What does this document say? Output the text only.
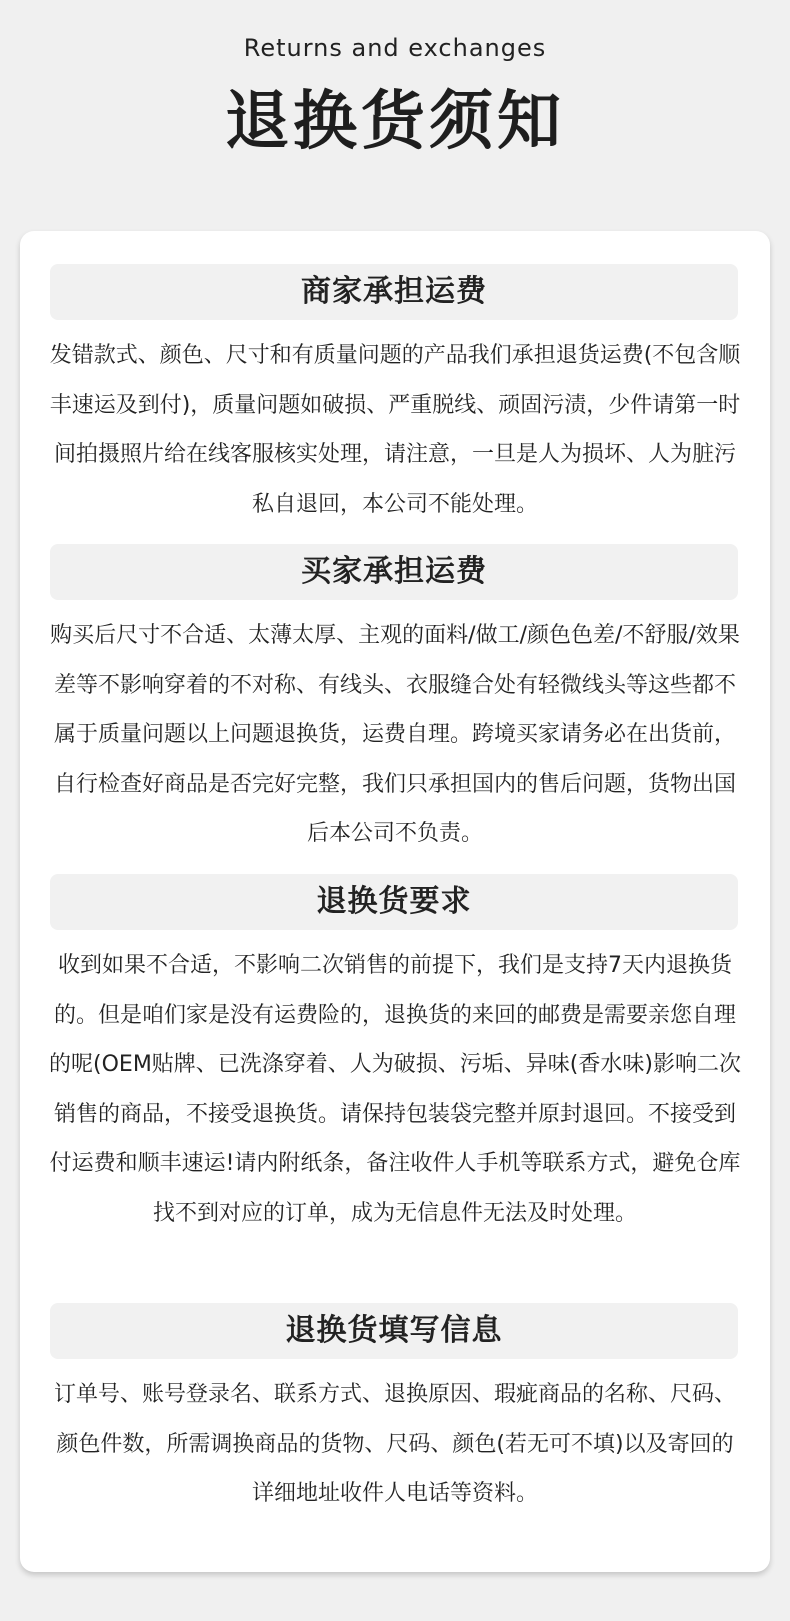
Returns and exchanges
退换货须知
商家承担运费
发错款式、颜色、尺寸和有质量问题的产品我们承担退货运费(不包含顺丰速运及到付)，质量问题如破损、严重脱线、顽固污渍，少件请第一时间拍摄照片给在线客服核实处理，请注意，一旦是人为损坏、人为脏污私自退回，本公司不能处理。
买家承担运费
购买后尺寸不合适、太薄太厚、主观的面料/做工/颜色色差/不舒服/效果差等不影响穿着的不对称、有线头、衣服缝合处有轻微线头等这些都不属于质量问题以上问题退换货，运费自理。跨境买家请务必在出货前，自行检查好商品是否完好完整，我们只承担国内的售后问题，货物出国后本公司不负责。
退换货要求
收到如果不合适，不影响二次销售的前提下，我们是支持7天内退换货的。但是咱们家是没有运费险的，退换货的来回的邮费是需要亲您自理的呢(OEM贴牌、已洗涤穿着、人为破损、污垢、异味(香水味)影响二次销售的商品，不接受退换货。请保持包装袋完整并原封退回。不接受到付运费和顺丰速运!请内附纸条，备注收件人手机等联系方式，避免仓库找不到对应的订单，成为无信息件无法及时处理。
退换货填写信息
订单号、账号登录名、联系方式、退换原因、瑕疵商品的名称、尺码、颜色件数，所需调换商品的货物、尺码、颜色(若无可不填)以及寄回的详细地址收件人电话等资料。
